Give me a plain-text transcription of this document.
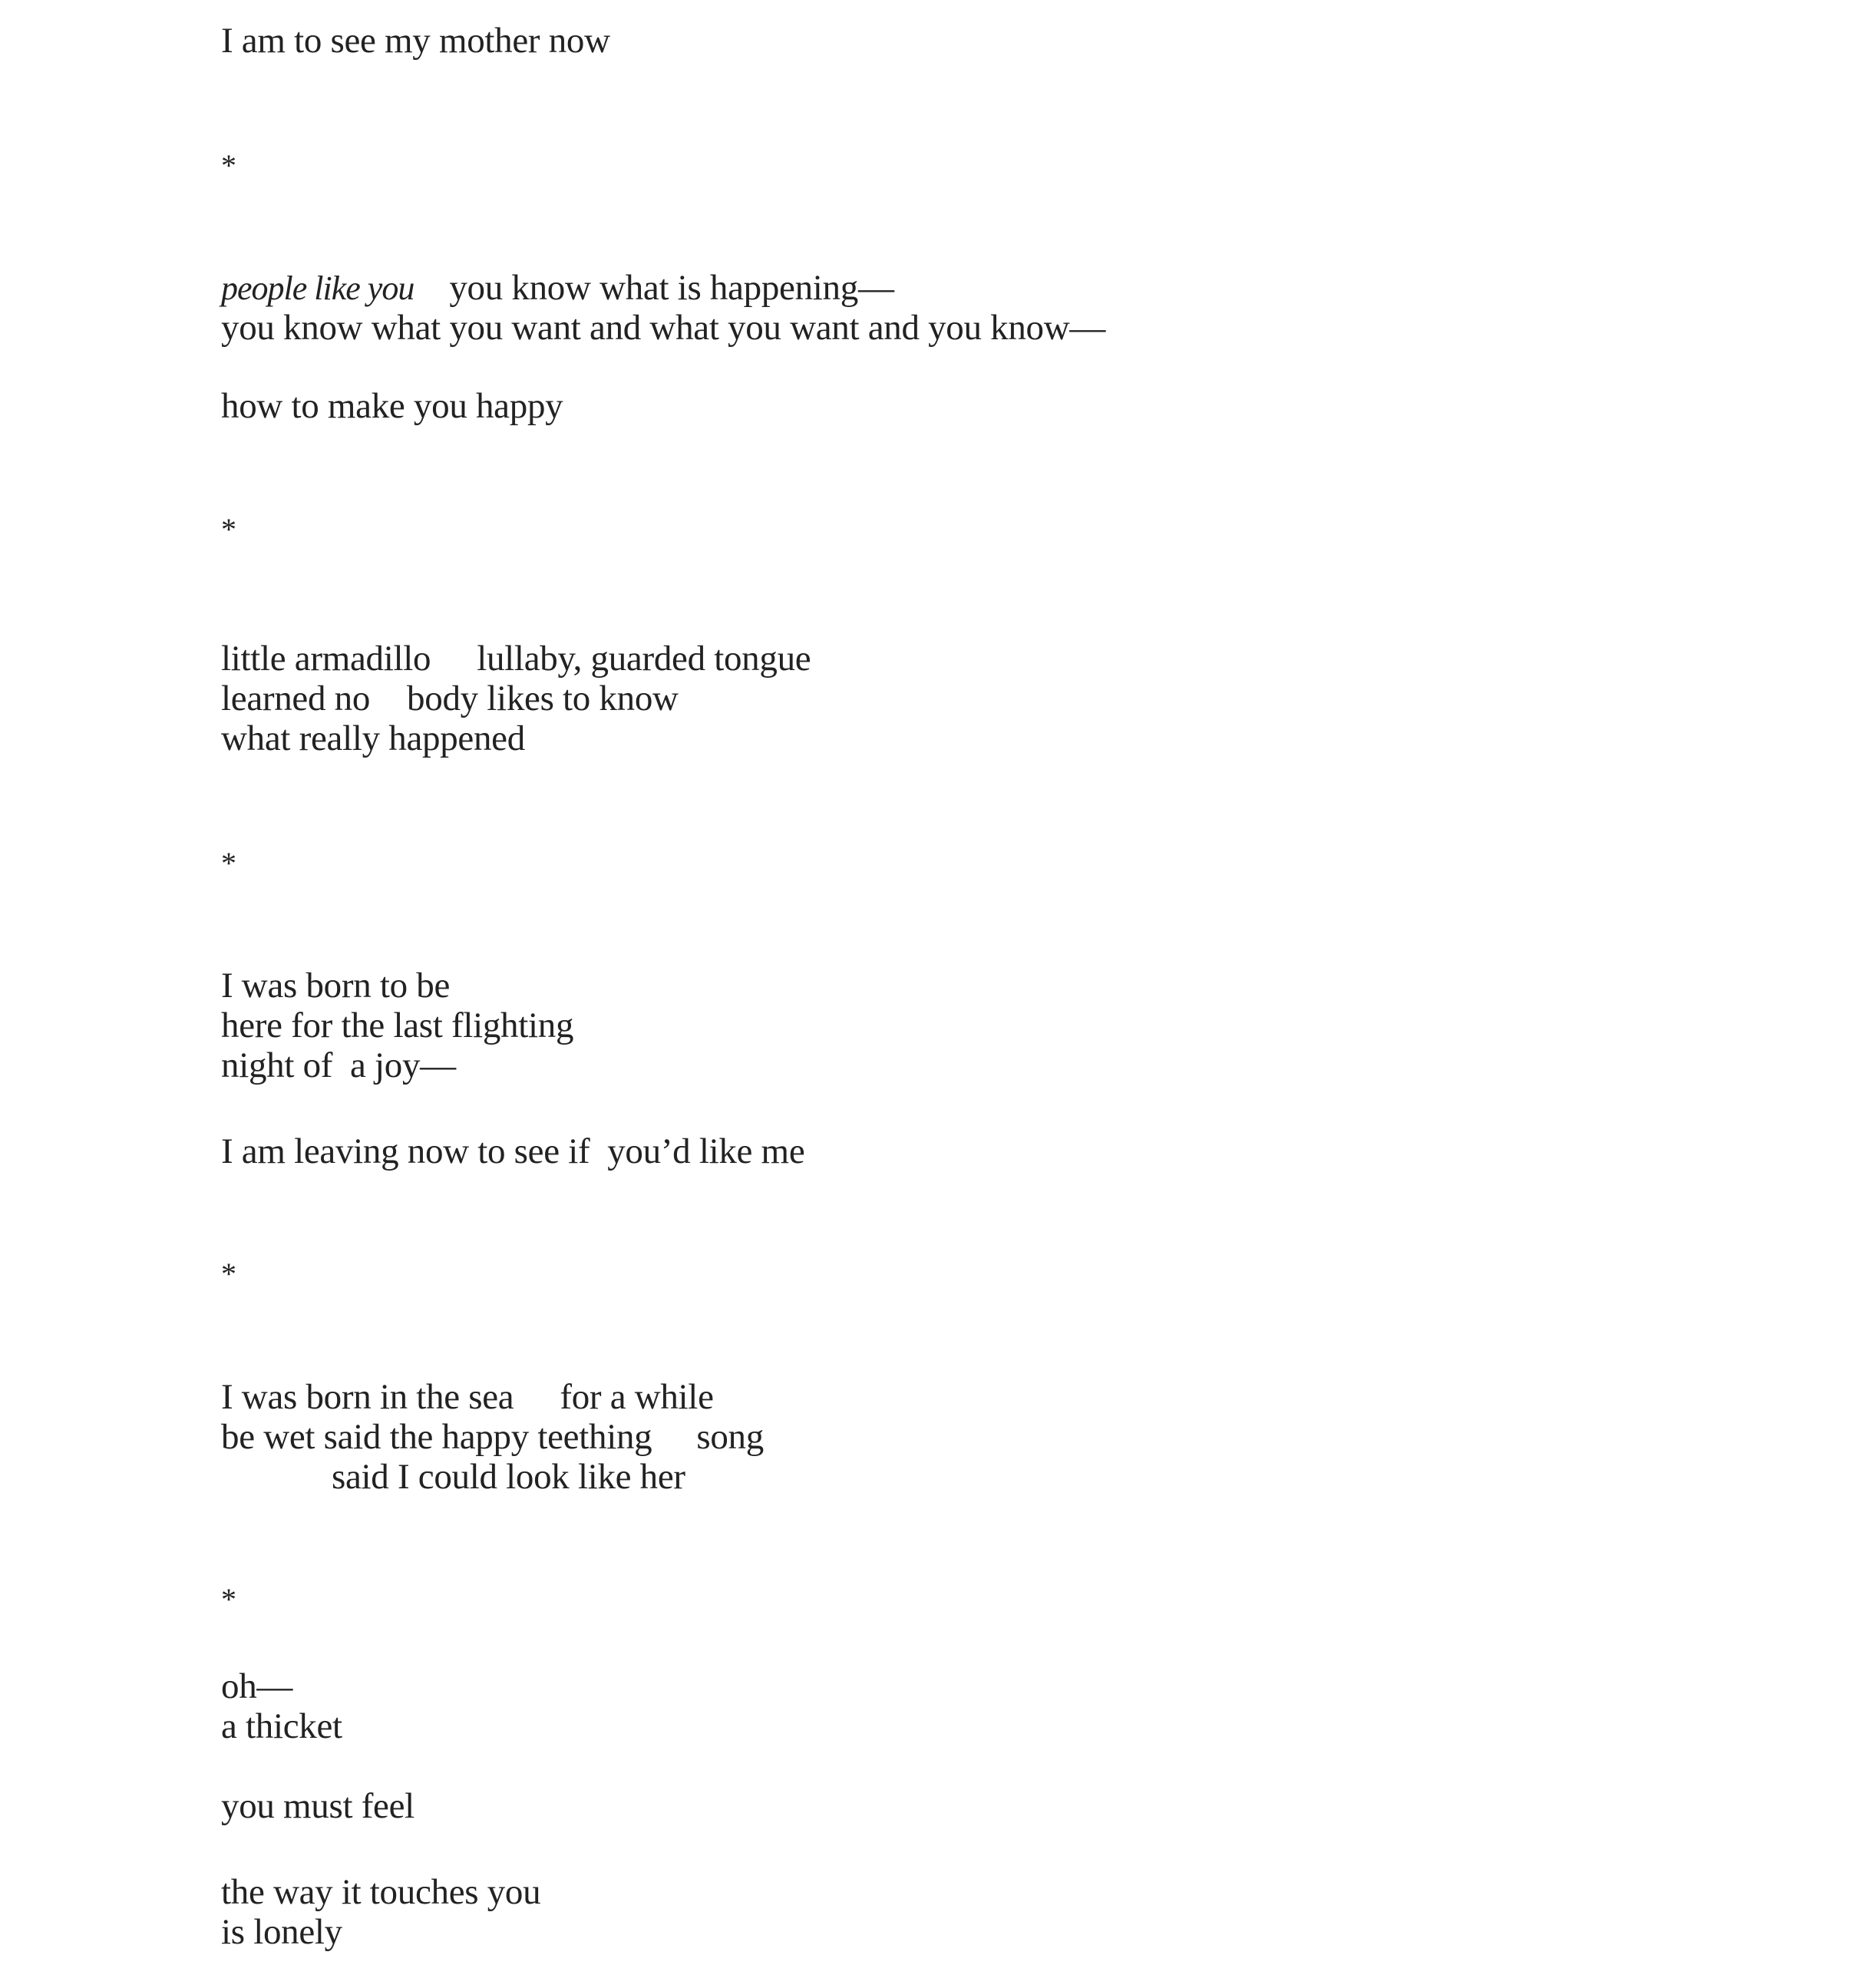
I am to see my mother now

*

people like you you know what is happening—

you know what you want and what you want and you know—

how to make you happy

*

little armadillo lullaby, guarded tongue

learned no body likes to know

what really happened

*

I was born to be

here for the last flighting

night of  a joy—

I am leaving now to see if  you’d like me

*

I was born in the sea for a while

be wet said the happy teething song

said I could look like her

*

oh—

a thicket

you must feel

the way it touches you

is lonely
